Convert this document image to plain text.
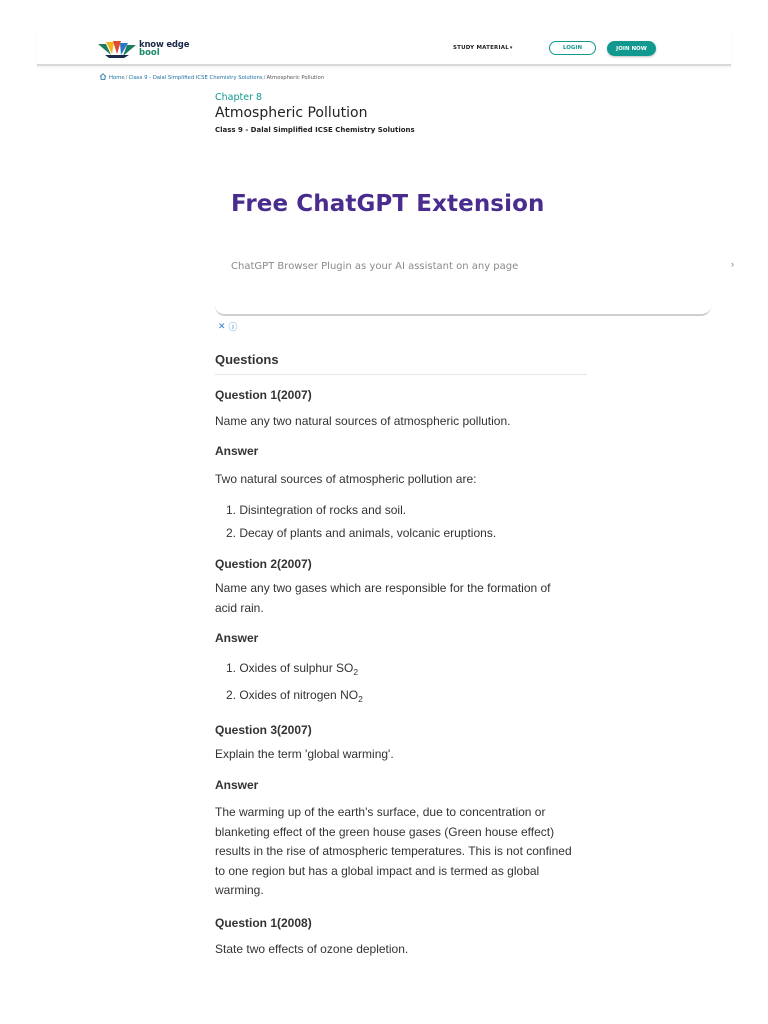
know edge
bool	STUDY MATERIAL▾	LOGIN	JOIN NOW
Home / Class 9 - Dalal Simplified ICSE Chemistry Solutions / Atmospheric Pollution
Chapter 8
Atmospheric Pollution
Class 9 - Dalal Simplified ICSE Chemistry Solutions
Free ChatGPT Extension
ChatGPT Browser Plugin as your AI assistant on any page	›
✕ ⓘ
Questions
Question 1(2007)
Name any two natural sources of atmospheric pollution.
Answer
Two natural sources of atmospheric pollution are:
1. Disintegration of rocks and soil.
2. Decay of plants and animals, volcanic eruptions.
Question 2(2007)
Name any two gases which are responsible for the formation of acid rain.
Answer
1. Oxides of sulphur $SO_2$
2. Oxides of nitrogen $NO_2$
Question 3(2007)
Explain the term 'global warming'.
Answer
The warming up of the earth's surface, due to concentration or blanketing effect of the green house gases (Green house effect) results in the rise of atmospheric temperatures. This is not confined to one region but has a global impact and is termed as global warming.
Question 1(2008)
State two effects of ozone depletion.
